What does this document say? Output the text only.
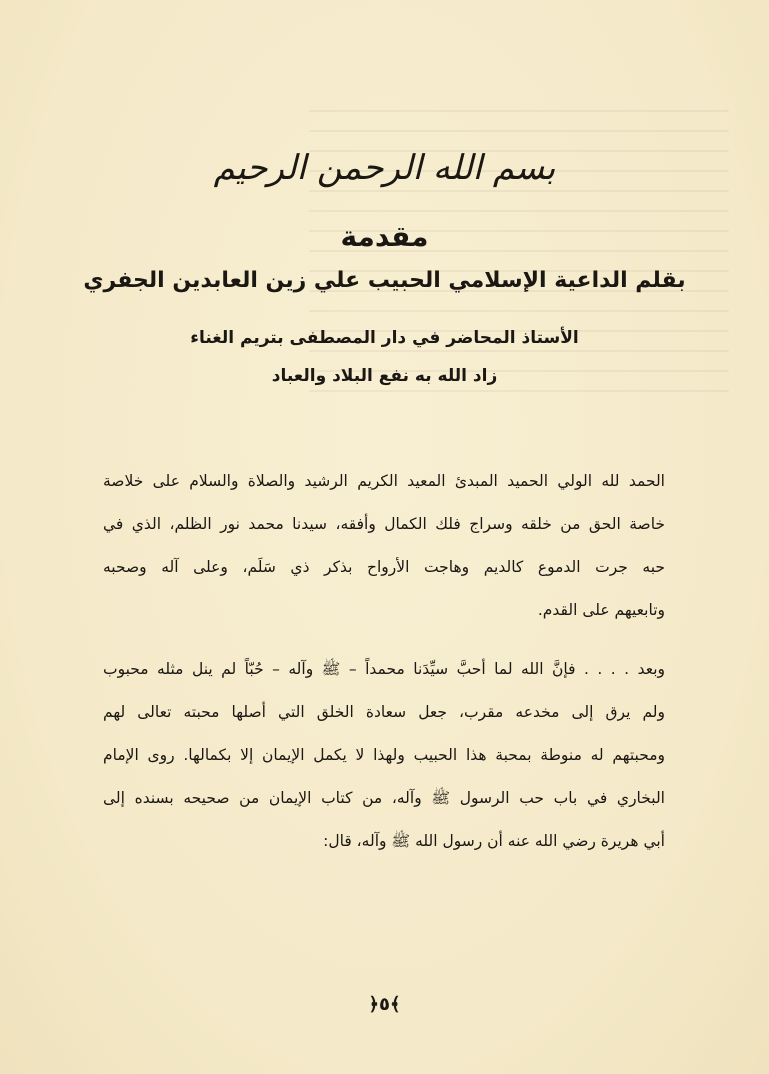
بسم الله الرحمن الرحيم
مقدمة
بقلم الداعية الإسلامي الحبيب علي زين العابدين الجفري
الأستاذ المحاضر في دار المصطفى بتريم الغناء
زاد الله به نفع البلاد والعباد
الحمد لله الولي الحميد المبدئ المعيد الكريم الرشيد والصلاة والسلام على خلاصة
خاصة الحق من خلقه وسراج فلك الكمال وأفقه، سيدنا محمد نور الظلم، الذي في
حبه جرت الدموع كالديم وهاجت الأرواح بذكر ذي سَلَم، وعلى آله وصحبه
وتابعيهم على القدم.
وبعد . . . . فإنَّ الله لما أحبَّ سيِّدَنا محمداً – ﷺ وآله – حُبّاً لم ينل مثله محبوب
ولم يرق إلى مخدعه مقرب، جعل سعادة الخلق التي أصلها محبته تعالى لهم
ومحبتهم له منوطة بمحبة هذا الحبيب ولهذا لا يكمل الإيمان إلا بكمالها. روى الإمام
البخاري في باب حب الرسول ﷺ وآله، من كتاب الإيمان من صحيحه بسنده إلى
أبي هريرة رضي الله عنه أن رسول الله ﷺ وآله، قال:
﴿٥﴾
